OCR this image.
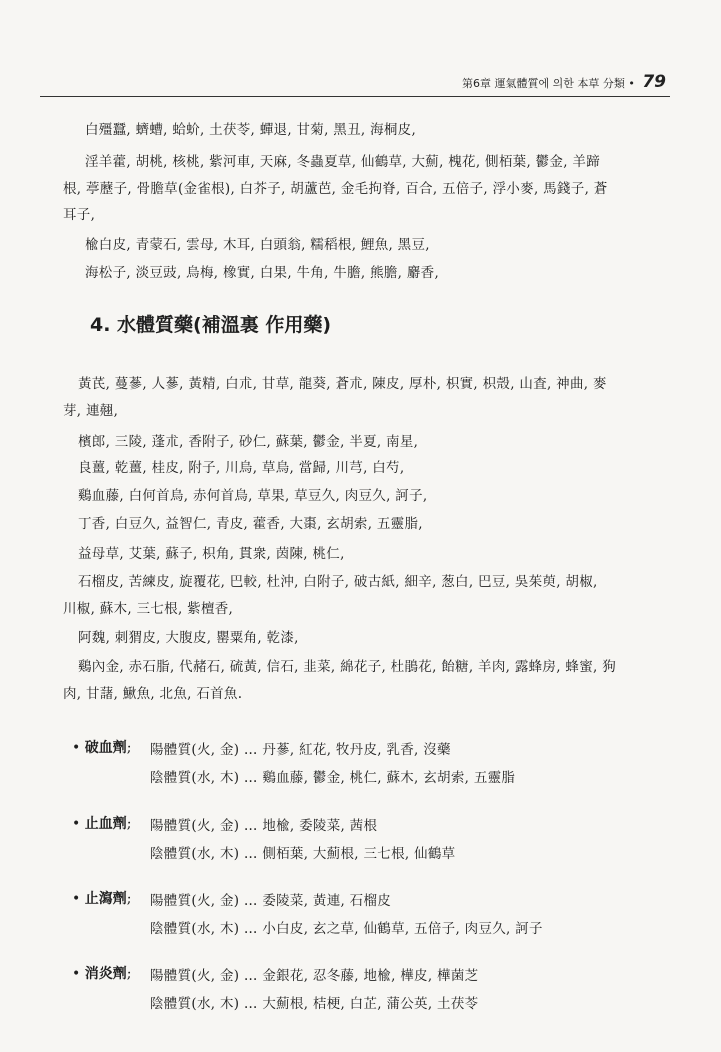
第6章 運氣體質에 의한 本草 分類 • 79
白殭蠶, 蠐螬, 蛤蚧, 土茯苓, 蟬退, 甘菊, 黑丑, 海桐皮,
淫羊藿, 胡桃, 核桃, 紫河車, 天麻, 冬蟲夏草, 仙鶴草, 大薊, 槐花, 側栢葉, 鬱金, 羊蹄
根, 葶藶子, 骨膽草(金雀根), 白芥子, 胡蘆芭, 金毛拘脊, 百合, 五倍子, 浮小麥, 馬錢子, 蒼
耳子,
楡白皮, 青蒙石, 雲母, 木耳, 白頭翁, 糯稻根, 鯉魚, 黑豆,
海松子, 淡豆豉, 烏梅, 橡實, 白果, 牛角, 牛膽, 熊膽, 麝香,
4. 水體質藥(補溫裏 作用藥)
黃芪, 蔓蔘, 人蔘, 黃精, 白朮, 甘草, 龍葵, 蒼朮, 陳皮, 厚朴, 枳實, 枳殼, 山査, 神曲, 麥
芽, 連翹,
檳郎, 三陵, 蓬朮, 香附子, 砂仁, 蘇葉, 鬱金, 半夏, 南星,
良薑, 乾薑, 桂皮, 附子, 川烏, 草烏, 當歸, 川芎, 白芍,
鷄血藤, 白何首烏, 赤何首烏, 草果, 草豆久, 肉豆久, 訶子,
丁香, 白豆久, 益智仁, 青皮, 藿香, 大棗, 玄胡索, 五靈脂,
益母草, 艾葉, 蘇子, 枳角, 貫衆, 茵陳, 桃仁,
石榴皮, 苦練皮, 旋覆花, 巴較, 杜沖, 白附子, 破古紙, 細辛, 葱白, 巴豆, 吳茱萸, 胡椒,
川椒, 蘇木, 三七根, 紫檀香,
阿魏, 刺猬皮, 大腹皮, 罌粟角, 乾漆,
鷄內金, 赤石脂, 代赭石, 硫黃, 信石, 韭菜, 綿花子, 杜鵑花, 飴糖, 羊肉, 露蜂房, 蜂蜜, 狗
肉, 甘藷, 鰍魚, 北魚, 石首魚.
• 破血劑; 陽體質(火, 金) … 丹蔘, 紅花, 牧丹皮, 乳香, 沒藥
陰體質(水, 木) … 鷄血藤, 鬱金, 桃仁, 蘇木, 玄胡索, 五靈脂
• 止血劑; 陽體質(火, 金) … 地楡, 委陵菜, 茜根
陰體質(水, 木) … 側栢葉, 大薊根, 三七根, 仙鶴草
• 止瀉劑; 陽體質(火, 金) … 委陵菜, 黃連, 石榴皮
陰體質(水, 木) … 小白皮, 玄之草, 仙鶴草, 五倍子, 肉豆久, 訶子
• 消炎劑; 陽體質(火, 金) … 金銀花, 忍冬藤, 地楡, 樺皮, 樺菌芝
陰體質(水, 木) … 大薊根, 桔梗, 白芷, 蒲公英, 土茯苓
